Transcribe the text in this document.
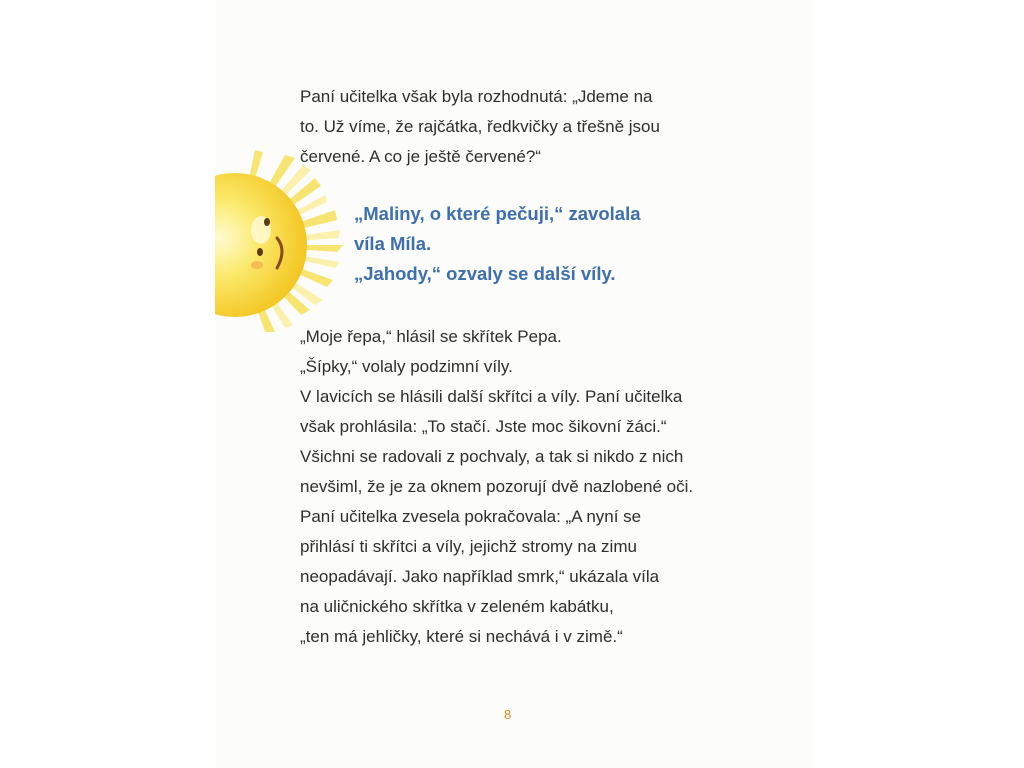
Paní učitelka však byla rozhodnutá: „Jdeme na
to. Už víme, že rajčátka, ředkvičky a třešně jsou
červené. A co je ještě červené?“

„Maliny, o které pečuji,“ zavolala
víla Míla.
„Jahody,“ ozvaly se další víly.

„Moje řepa,“ hlásil se skřítek Pepa.
„Šípky,“ volaly podzimní víly.
V lavicích se hlásili další skřítci a víly. Paní učitelka
však prohlásila: „To stačí. Jste moc šikovní žáci.“
Všichni se radovali z pochvaly, a tak si nikdo z nich
nevšiml, že je za oknem pozorují dvě nazlobené oči.
Paní učitelka zvesela pokračovala: „A nyní se
přihlásí ti skřítci a víly, jejichž stromy na zimu
neopadávají. Jako například smrk,“ ukázala víla
na uličnického skřítka v zeleném kabátku,
„ten má jehličky, které si nechává i v zimě.“

8
